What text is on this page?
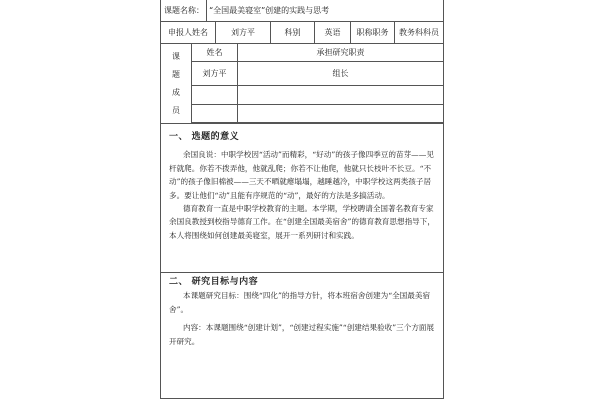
课题名称： “全国最美寝室”创建的实践与思考
申报人姓名	刘方平	科别	英语	职称职务	教务科科员
课
题
成
员
姓名	承担研究职责
刘方平	组长
一、 选题的意义

余国良说：中职学校因“活动”而精彩，“好动”的孩子像四季豆的苗芽——见杆就爬。你若不拨弄他，他就乱爬；你若不让他爬，他就只长枝叶不长豆。“不动”的孩子像旧棉被——三天不晒就瘪塌塌，越睡越冷，中职学校这两类孩子居多。要让他们“动”且能有序规范的“动”，最好的方法是多搞活动。

德育教育一直是中职学校教育的主题。本学期，学校聘请全国著名教育专家余国良教授到校指导德育工作。在“创建全国最美宿舍”的德育教育思想指导下，本人将围绕如何创建最美寝室，展开一系列研讨和实践。

二、 研究目标与内容

本课题研究目标：围绕“四化”的指导方针，将本班宿舍创建为“全国最美宿舍”。

内容：本课题围绕“创建计划”，“创建过程实施”“创建结果验收”三个方面展开研究。
